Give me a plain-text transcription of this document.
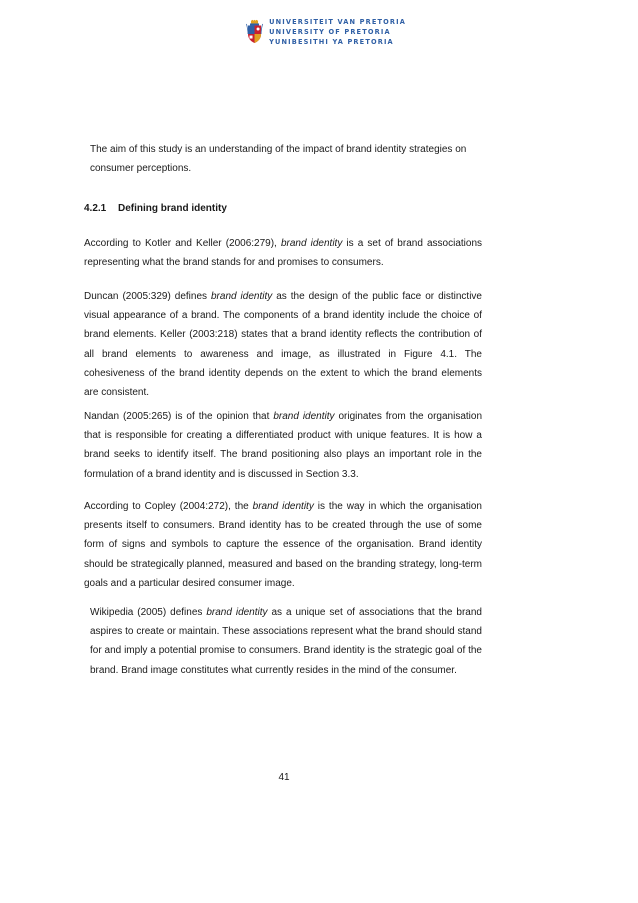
UNIVERSITEIT VAN PRETORIA
UNIVERSITY OF PRETORIA
YUNIBESITHI YA PRETORIA

The aim of this study is an understanding of the impact of brand identity strategies on consumer perceptions.

4.2.1 Defining brand identity

According to Kotler and Keller (2006:279), brand identity is a set of brand associations representing what the brand stands for and promises to consumers.

Duncan (2005:329) defines brand identity as the design of the public face or distinctive visual appearance of a brand. The components of a brand identity include the choice of brand elements. Keller (2003:218) states that a brand identity reflects the contribution of all brand elements to awareness and image, as illustrated in Figure 4.1. The cohesiveness of the brand identity depends on the extent to which the brand elements are consistent.

Nandan (2005:265) is of the opinion that brand identity originates from the organisation that is responsible for creating a differentiated product with unique features. It is how a brand seeks to identify itself. The brand positioning also plays an important role in the formulation of a brand identity and is discussed in Section 3.3.

According to Copley (2004:272), the brand identity is the way in which the organisation presents itself to consumers. Brand identity has to be created through the use of some form of signs and symbols to capture the essence of the organisation. Brand identity should be strategically planned, measured and based on the branding strategy, long-term goals and a particular desired consumer image.

Wikipedia (2005) defines brand identity as a unique set of associations that the brand aspires to create or maintain. These associations represent what the brand should stand for and imply a potential promise to consumers. Brand identity is the strategic goal of the brand. Brand image constitutes what currently resides in the mind of the consumer.

41
